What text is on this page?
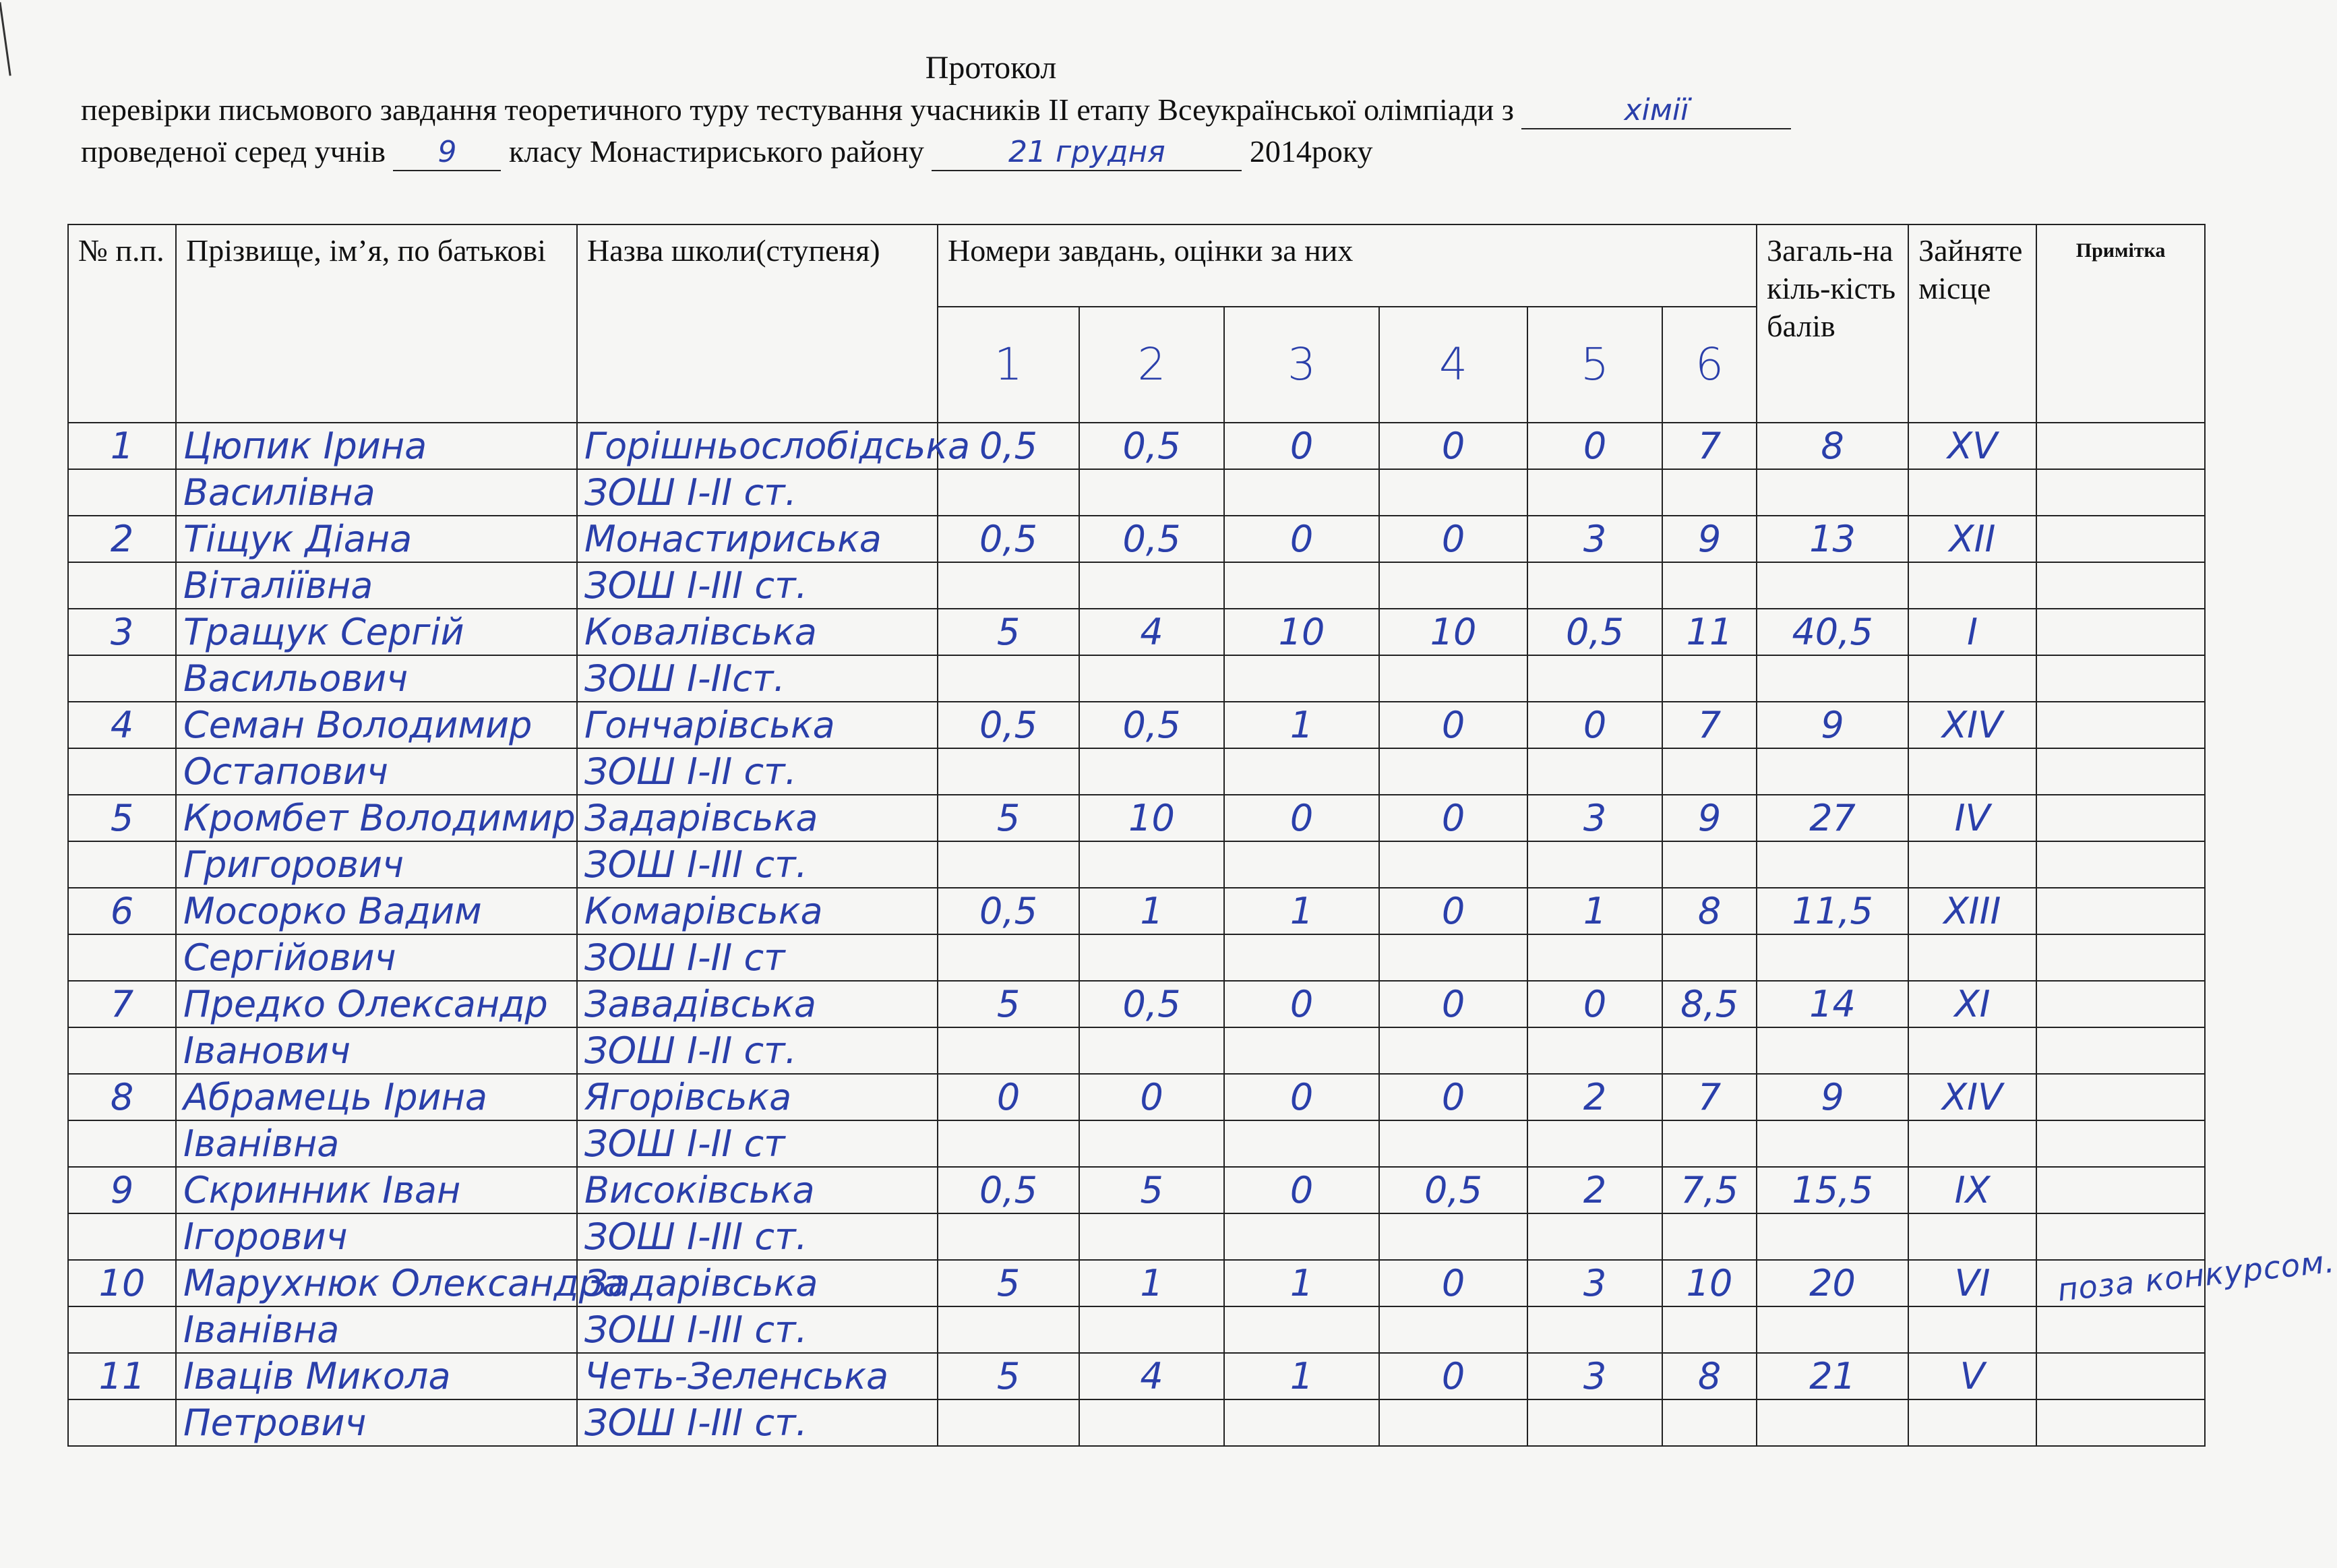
Протокол
перевірки письмового завдання теоретичного туру тестування учасників ІІ етапу Всеукраїнської олімпіади з	хімії
проведеної серед учнів 9 класу Монастириського району	21 грудня	2014року
№ п.п.	Прізвище, ім’я, по батькові	Назва школи(ступеня)	Номери завдань, оцінки за них						Загаль-на кіль-кість балів	Зайняте місце	Примітка
			1	2	3	4	5	6			
1	Цюпик Ірина	Горішньослобідська	0,5	0,5	0	0	0	7	8	XV	
	Василівна	ЗОШ І-ІІ ст.									
2	Тіщук Діана	Монастириська	0,5	0,5	0	0	3	9	13	XII	
	Віталіївна	ЗОШ І-ІІІ ст.									
3	Тращук Сергій	Ковалівська	5	4	10	10	0,5	11	40,5	I	
	Васильович	ЗОШ І-ІІст.									
4	Семан Володимир	Гончарівська	0,5	0,5	1	0	0	7	9	XIV	
	Остапович	ЗОШ І-ІІ ст.									
5	Кромбет Володимир	Задарівська	5	10	0	0	3	9	27	IV	
	Григорович	ЗОШ І-ІІІ ст.									
6	Мосорко Вадим	Комарівська	0,5	1	1	0	1	8	11,5	XIII	
	Сергійович	ЗОШ І-ІІ ст									
7	Предко Олександр	Завадівська	5	0,5	0	0	0	8,5	14	XI	
	Іванович	ЗОШ І-ІІ ст.									
8	Абрамець Ірина	Ягорівська	0	0	0	0	2	7	9	XIV	
	Іванівна	ЗОШ І-ІІ ст									
9	Скринник Іван	Високівська	0,5	5	0	0,5	2	7,5	15,5	IX	
	Ігорович	ЗОШ І-ІІІ ст.									
10	Марухнюк Олександра	Задарівська	5	1	1	0	3	10	20	VI	поза конкурсом.
	Іванівна	ЗОШ І-ІІІ ст.									
11	Іваців Микола	Четь-Зеленська	5	4	1	0	3	8	21	V	
	Петрович	ЗОШ І-ІІІ ст.									
